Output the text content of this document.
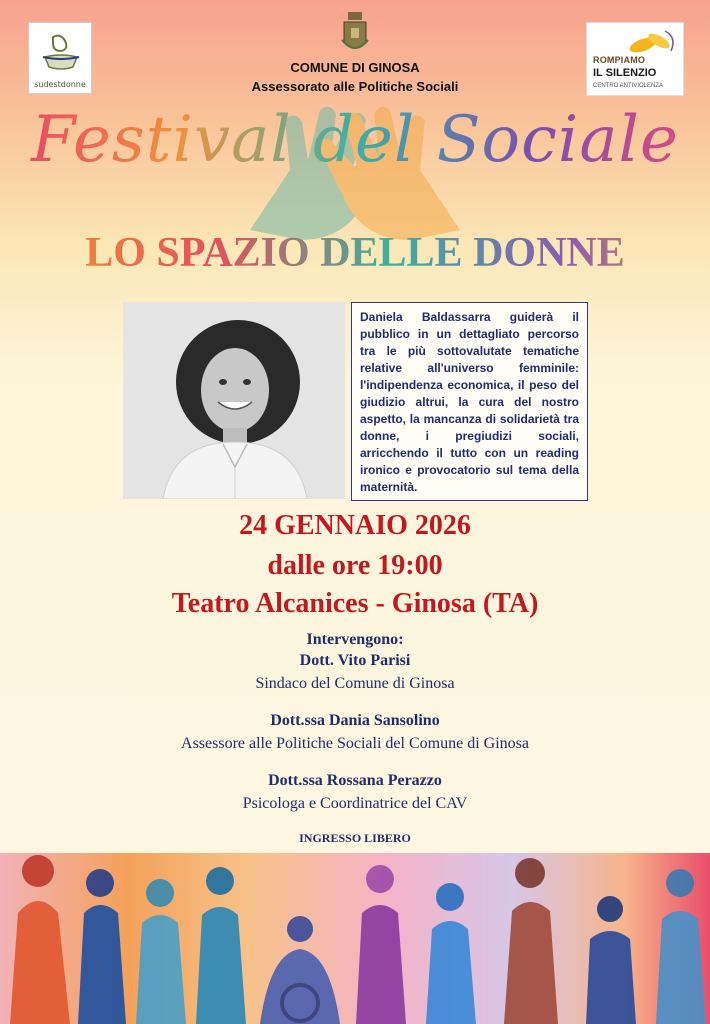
sudestdonne
COMUNE DI GINOSA
Assessorato alle Politiche Sociali
ROMPIAMO
IL SILENZIO
CENTRO ANTIVIOLENZA
Festival del Sociale
LO SPAZIO DELLE DONNE
Daniela Baldassarra guiderà il pubblico in un dettagliato percorso tra le più sottovalutate tematiche relative all'universo femminile: l'indipendenza economica, il peso del giudizio altrui, la cura del nostro aspetto, la mancanza di solidarietà tra donne, i pregiudizi sociali, arricchendo il tutto con un reading ironico e provocatorio sul tema della maternità.
24 GENNAIO 2026
dalle ore 19:00
Teatro Alcanices - Ginosa (TA)
Intervengono:
Dott. Vito Parisi
Sindaco del Comune di Ginosa
Dott.ssa Dania Sansolino
Assessore alle Politiche Sociali del Comune di Ginosa
Dott.ssa Rossana Perazzo
Psicologa e Coordinatrice del CAV
INGRESSO LIBERO
